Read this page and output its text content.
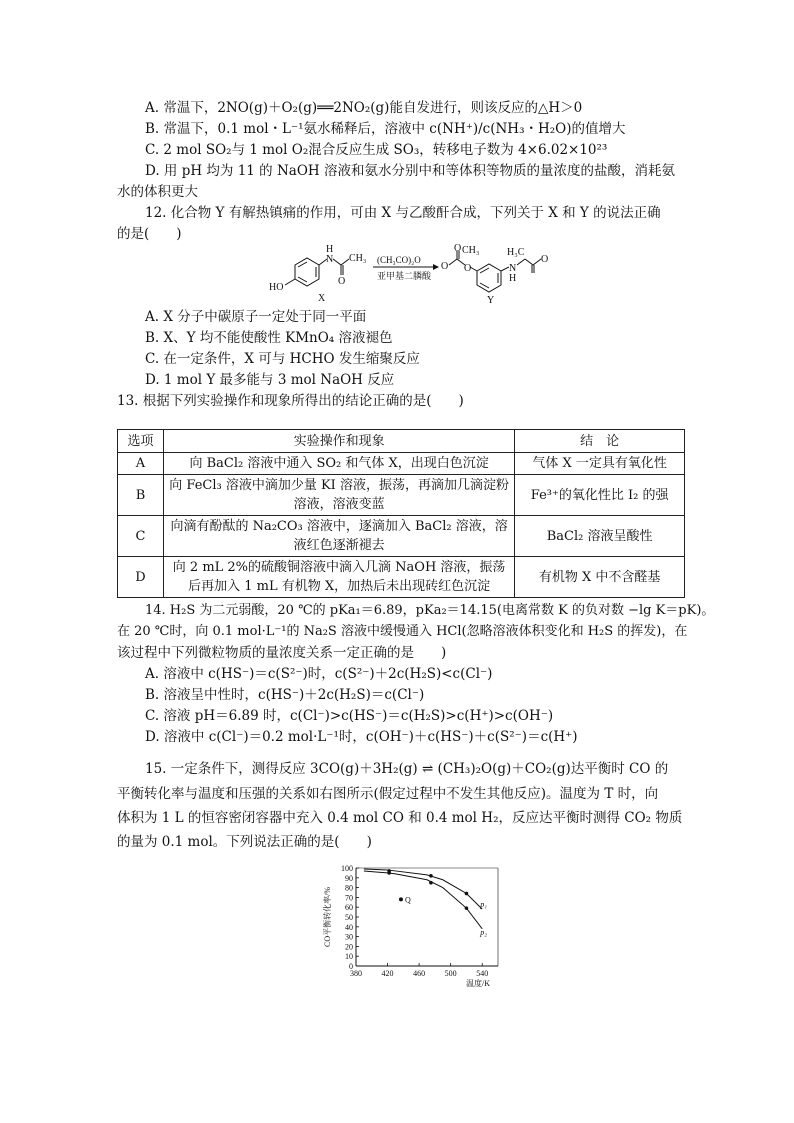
A. 常温下，2NO(g)＋O₂(g)══2NO₂(g)能自发进行，则该反应的△H＞0
B. 常温下，0.1 mol・L⁻¹氨水稀释后，溶液中 c(NH⁺)/c(NH₃・H₂O)的值增大
C. 2 mol SO₂与 1 mol O₂混合反应生成 SO₃，转移电子数为 4×6.02×10²³
D. 用 pH 均为 11 的 NaOH 溶液和氨水分别中和等体积等物质的量浓度的盐酸，消耗氨
水的体积更大
12. 化合物 Y 有解热镇痛的作用，可由 X 与乙酸酐合成，下列关于 X 和 Y 的说法正确
的是(　　)
HO
H
N CH₃
O
X
(CH₃CO)₂O
亚甲基二膦酸
O
O CH₃
O	N
H
H₃C
O
Y
A. X 分子中碳原子一定处于同一平面
B. X、Y 均不能使酸性 KMnO₄ 溶液褪色
C. 在一定条件，X 可与 HCHO 发生缩聚反应
D. 1 mol Y 最多能与 3 mol NaOH 反应
13. 根据下列实验操作和现象所得出的结论正确的是(　　)
选项	实验操作和现象	结　论
A	向 BaCl₂ 溶液中通入 SO₂ 和气体 X，出现白色沉淀	气体 X 一定具有氧化性
B	向 FeCl₃ 溶液中滴加少量 KI 溶液，振荡，再滴加几滴淀粉溶液，溶液变蓝	Fe³⁺的氧化性比 I₂ 的强
C	向滴有酚酞的 Na₂CO₃ 溶液中，逐滴加入 BaCl₂ 溶液，溶液红色逐渐褪去	BaCl₂ 溶液呈酸性
D	向 2 mL 2%的硫酸铜溶液中滴入几滴 NaOH 溶液，振荡后再加入 1 mL 有机物 X，加热后未出现砖红色沉淀	有机物 X 中不含醛基
14. H₂S 为二元弱酸，20 ℃的 pKa₁＝6.89，pKa₂＝14.15(电离常数 K 的负对数 −lg K＝pK)。
在 20 ℃时，向 0.1 mol·L⁻¹的 Na₂S 溶液中缓慢通入 HCl(忽略溶液体积变化和 H₂S 的挥发)，在
该过程中下列微粒物质的量浓度关系一定正确的是　　)
A. 溶液中 c(HS⁻)＝c(S²⁻)时，c(S²⁻)＋2c(H₂S)<c(Cl⁻)
B. 溶液呈中性时，c(HS⁻)＋2c(H₂S)＝c(Cl⁻)
C. 溶液 pH＝6.89 时，c(Cl⁻)>c(HS⁻)＝c(H₂S)>c(H⁺)>c(OH⁻)
D. 溶液中 c(Cl⁻)＝0.2 mol·L⁻¹时，c(OH⁻)＋c(HS⁻)＋c(S²⁻)＝c(H⁺)
15. 一定条件下，测得反应 3CO(g)＋3H₂(g) ⇌ (CH₃)₂O(g)＋CO₂(g)达平衡时 CO 的
平衡转化率与温度和压强的关系如右图所示(假定过程中不发生其他反应)。温度为 T 时，向
体积为 1 L 的恒容密闭容器中充入 0.4 mol CO 和 0.4 mol H₂，反应达平衡时测得 CO₂ 物质
的量为 0.1 mol。下列说法正确的是(　　)
380 420 460 500 540
0
10
20
30
40
50
60
70
80
90
100
p₁
p₂
Q
温度/K
CO平衡转化率/%
